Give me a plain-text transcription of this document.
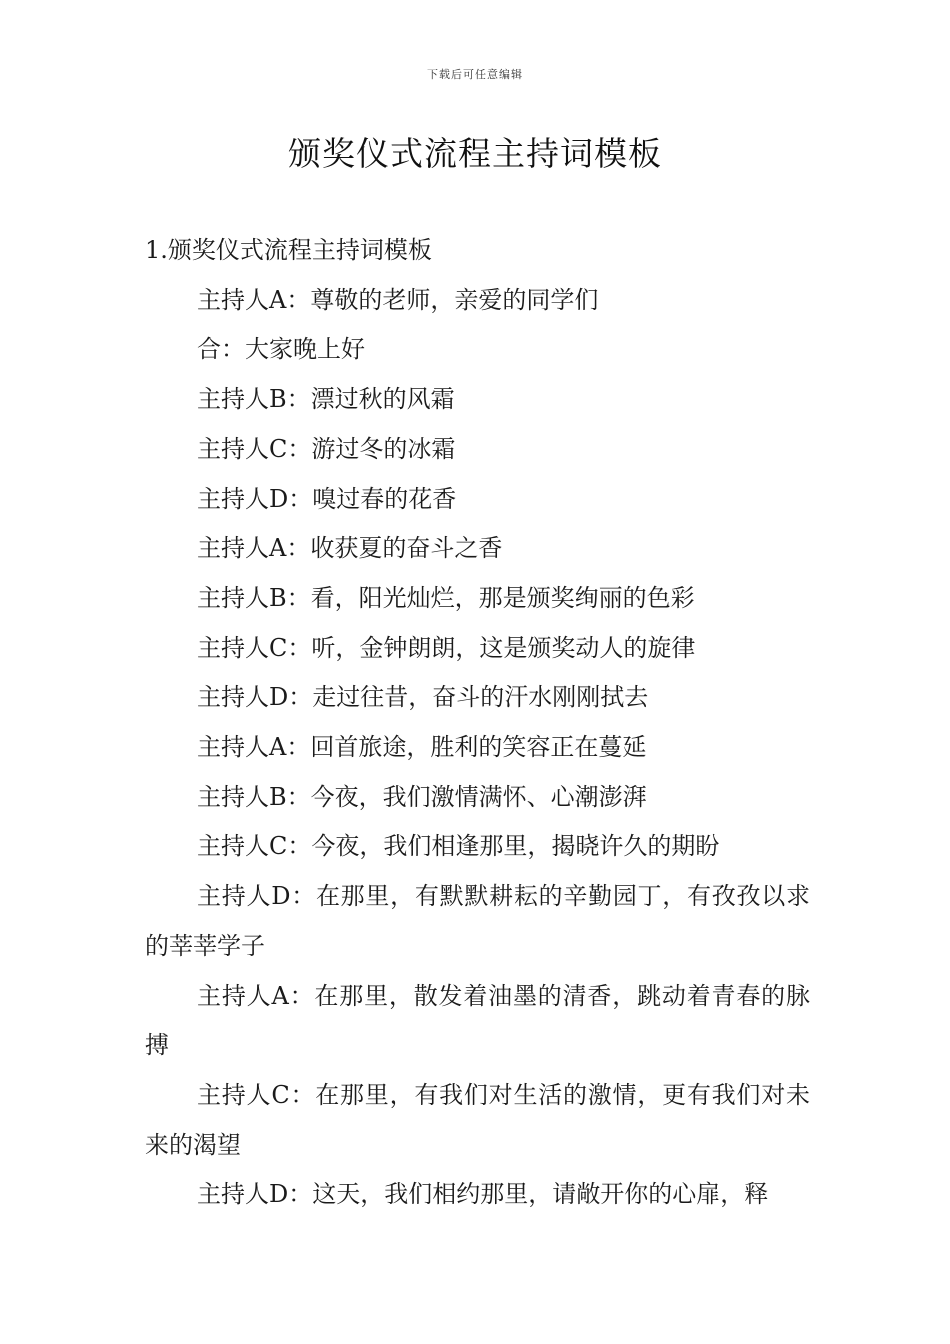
下载后可任意编辑
颁奖仪式流程主持词模板

1.颁奖仪式流程主持词模板

主持人A：尊敬的老师，亲爱的同学们
合：大家晚上好
主持人B：漂过秋的风霜
主持人C：游过冬的冰霜
主持人D：嗅过春的花香
主持人A：收获夏的奋斗之香
主持人B：看，阳光灿烂，那是颁奖绚丽的色彩
主持人C：听，金钟朗朗，这是颁奖动人的旋律
主持人D：走过往昔，奋斗的汗水刚刚拭去
主持人A：回首旅途，胜利的笑容正在蔓延
主持人B：今夜，我们激情满怀、心潮澎湃
主持人C：今夜，我们相逢那里，揭晓许久的期盼
主持人D：在那里，有默默耕耘的辛勤园丁，有孜孜以求的莘莘学子
主持人A：在那里，散发着油墨的清香，跳动着青春的脉搏
主持人C：在那里，有我们对生活的激情，更有我们对未来的渴望
主持人D：这天，我们相约那里，请敞开你的心扉，释
